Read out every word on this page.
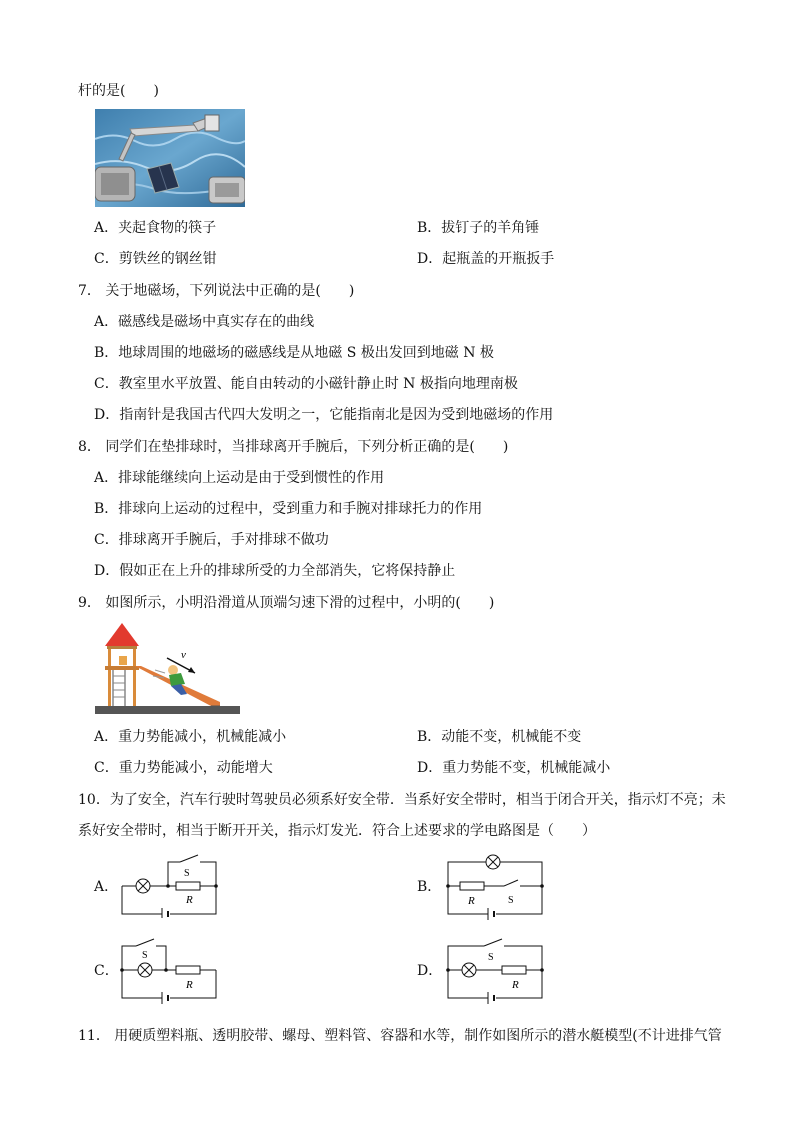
杆的是(　　)
A．夹起食物的筷子	B．拔钉子的羊角锤
C．剪铁丝的钢丝钳	D．起瓶盖的开瓶扳手
7． 关于地磁场，下列说法中正确的是(　　)
A．磁感线是磁场中真实存在的曲线
B．地球周围的地磁场的磁感线是从地磁 S 极出发回到地磁 N 极
C．教室里水平放置、能自由转动的小磁针静止时 N 极指向地理南极
D．指南针是我国古代四大发明之一，它能指南北是因为受到地磁场的作用
8． 同学们在垫排球时，当排球离开手腕后，下列分析正确的是(　　)
A．排球能继续向上运动是由于受到惯性的作用
B．排球向上运动的过程中，受到重力和手腕对排球托力的作用
C．排球离开手腕后，手对排球不做功
D．假如正在上升的排球所受的力全部消失，它将保持静止
9． 如图所示，小明沿滑道从顶端匀速下滑的过程中，小明的(　　)
v
A．重力势能减小，机械能减小	B．动能不变，机械能不变
C．重力势能减小，动能增大	D．重力势能不变，机械能减小
10．为了安全，汽车行驶时驾驶员必须系好安全带．当系好安全带时，相当于闭合开关，指示灯不亮；未
系好安全带时，相当于断开开关，指示灯发光．符合上述要求的学电路图是（　　）
A．
S
R
B．
R	S
C．
S
R
D．
S
R
11． 用硬质塑料瓶、透明胶带、螺母、塑料管、容器和水等，制作如图所示的潜水艇模型(不计进排气管
